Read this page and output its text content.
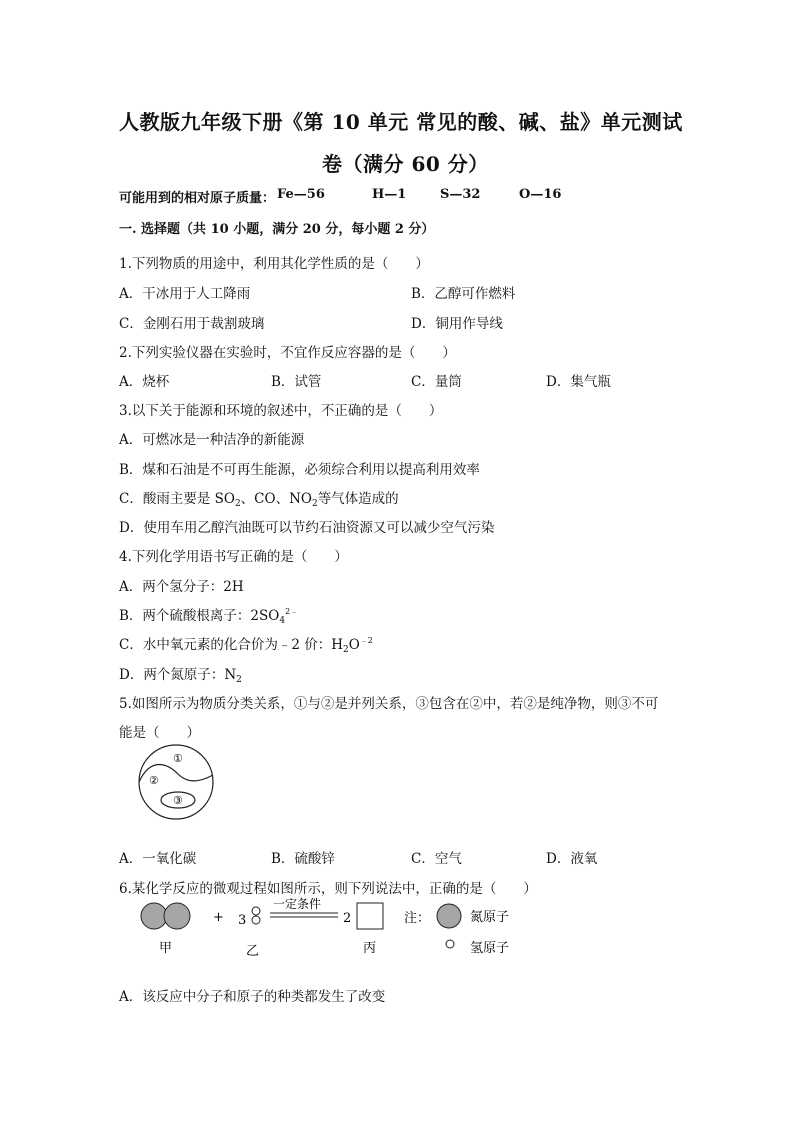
人教版九年级下册《第 10 单元 常见的酸、碱、盐》单元测试
卷（满分 60 分）
可能用到的相对原子质量： Fe—56	H—1	S—32	O—16
一. 选择题（共 10 小题，满分 20 分，每小题 2 分）
1.下列物质的用途中，利用其化学性质的是（　　）
A．干冰用于人工降雨	B．乙醇可作燃料
C．金刚石用于裁割玻璃	D．铜用作导线
2.下列实验仪器在实验时，不宜作反应容器的是（　　）
A．烧杯	B．试管	C．量筒	D．集气瓶
3.以下关于能源和环境的叙述中，不正确的是（　　）
A．可燃冰是一种洁净的新能源
B．煤和石油是不可再生能源，必须综合利用以提高利用效率
C．酸雨主要是 $SO_2$、CO、$NO_2$等气体造成的
D．使用车用乙醇汽油既可以节约石油资源又可以减少空气污染
4.下列化学用语书写正确的是（　　）
A．两个氢分子：2H
B．两个硫酸根离子：$2SO_4^{2﹣}$
C．水中氧元素的化合价为﹣2 价：$H_2O^{﹣2}$
D．两个氮原子：$N_2$
5.如图所示为物质分类关系，①与②是并列关系，③包含在②中，若②是纯净物，则③不可
能是（　　）
①
②
③
A．一氧化碳	B．硫酸锌	C．空气	D．液氧
6.某化学反应的微观过程如图所示，则下列说法中，正确的是（　　）
+ 3
一定条件
2	注：	氮原子
氢原子
甲	乙	丙
A．该反应中分子和原子的种类都发生了改变
